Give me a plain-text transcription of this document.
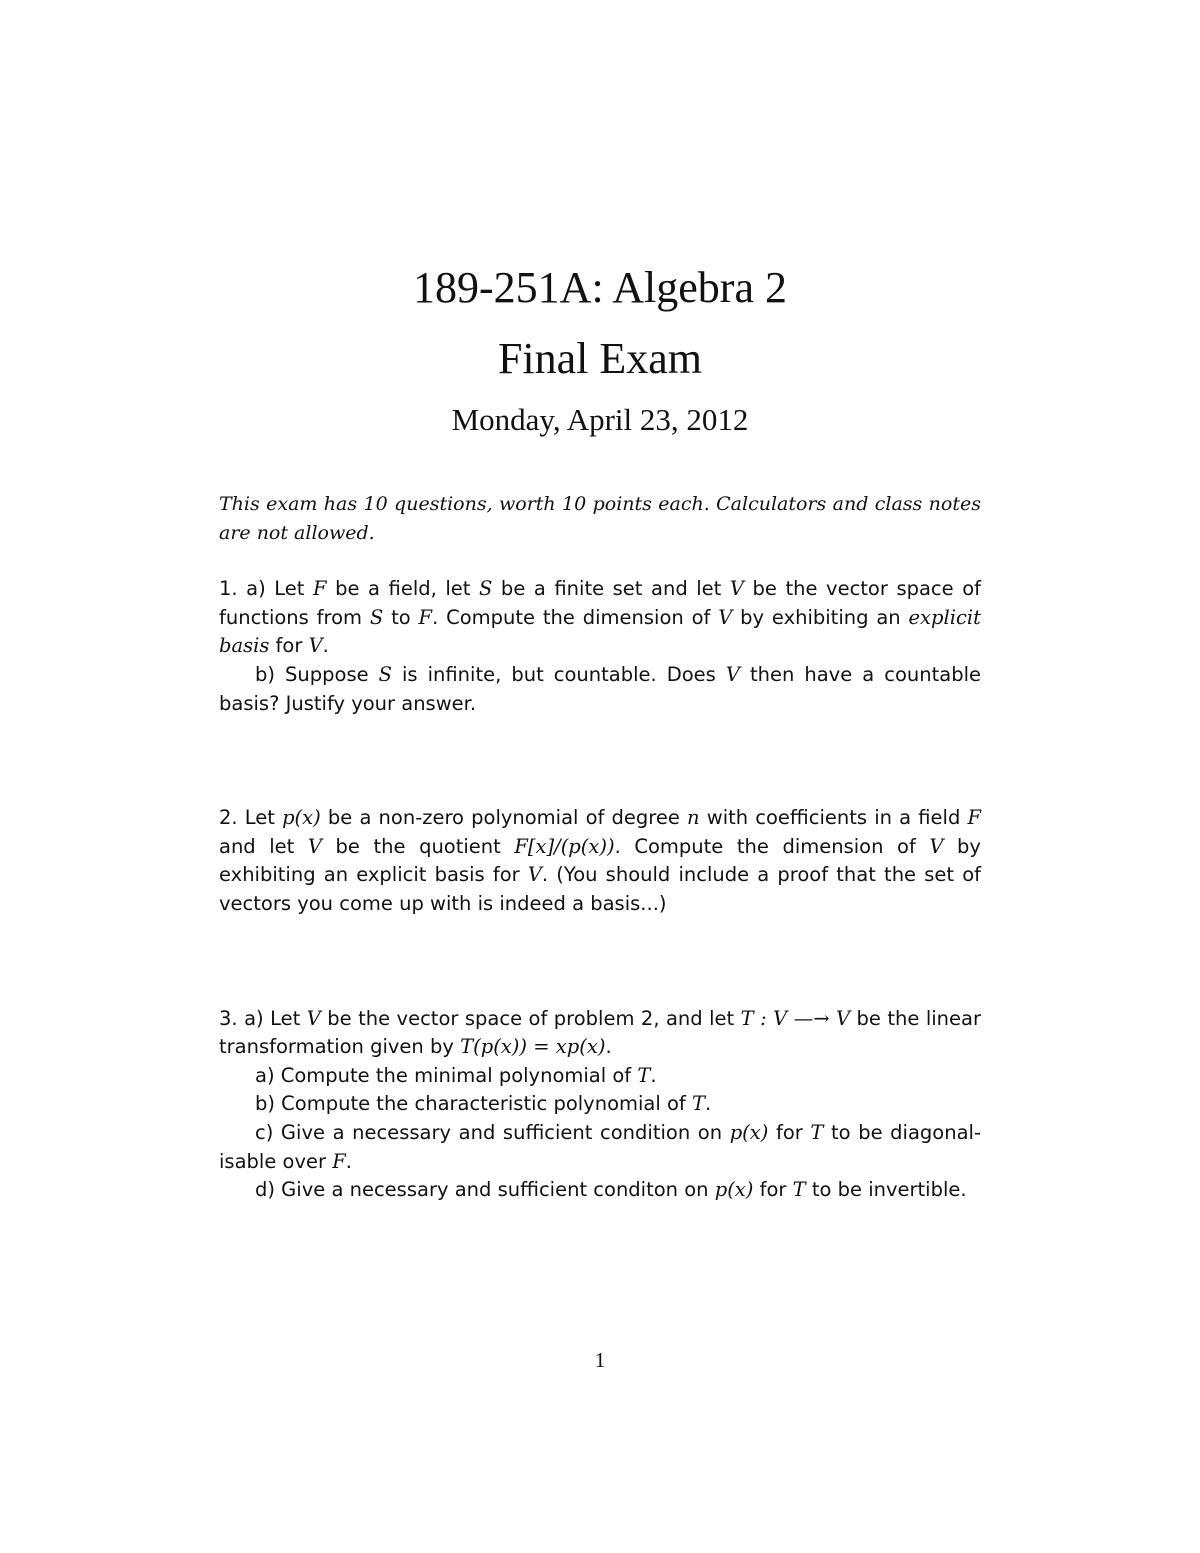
189-251A: Algebra 2
Final Exam
Monday, April 23, 2012

This exam has 10 questions, worth 10 points each. Calculators and class notes are not allowed.

1. a) Let F be a field, let S be a finite set and let V be the vector space of functions from S to F. Compute the dimension of V by exhibiting an explicit basis for V.

b) Suppose S is infinite, but countable. Does V then have a countable basis? Justify your answer.

2. Let p(x) be a non-zero polynomial of degree n with coefficients in a field F and let V be the quotient F[x]/(p(x)). Compute the dimension of V by exhibiting an explicit basis for V. (You should include a proof that the set of vectors you come up with is indeed a basis...)

3. a) Let V be the vector space of problem 2, and let T : V —→ V be the linear transformation given by T(p(x)) = xp(x).

a) Compute the minimal polynomial of T.

b) Compute the characteristic polynomial of T.

c) Give a necessary and sufficient condition on p(x) for T to be diagonal-isable over F.

d) Give a necessary and sufficient conditon on p(x) for T to be invertible.

1
